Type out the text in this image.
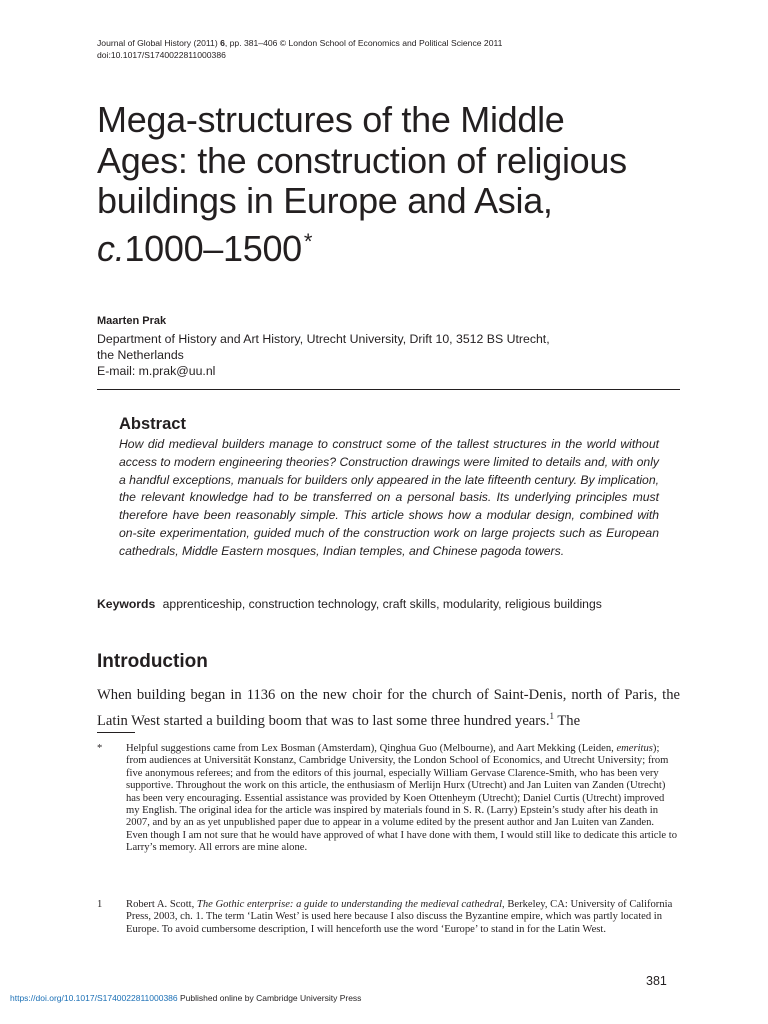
Journal of Global History (2011) 6, pp. 381–406 © London School of Economics and Political Science 2011
doi:10.1017/S1740022811000386
Mega-structures of the Middle
Ages: the construction of religious
buildings in Europe and Asia,
c.1000–1500*
Maarten Prak
Department of History and Art History, Utrecht University, Drift 10, 3512 BS Utrecht,
the Netherlands
E-mail: m.prak@uu.nl
Abstract
How did medieval builders manage to construct some of the tallest structures in the world without access to modern engineering theories? Construction drawings were limited to details and, with only a handful exceptions, manuals for builders only appeared in the late fifteenth century. By implication, the relevant knowledge had to be transferred on a personal basis. Its underlying principles must therefore have been reasonably simple. This article shows how a modular design, combined with on-site experimentation, guided much of the construction work on large projects such as European cathedrals, Middle Eastern mosques, Indian temples, and Chinese pagoda towers.
Keywords apprenticeship, construction technology, craft skills, modularity, religious buildings
Introduction
When building began in 1136 on the new choir for the church of Saint-Denis, north of Paris, the Latin West started a building boom that was to last some three hundred years.$^1$ The
* Helpful suggestions came from Lex Bosman (Amsterdam), Qinghua Guo (Melbourne), and Aart Mekking (Leiden, emeritus); from audiences at Universität Konstanz, Cambridge University, the London School of Economics, and Utrecht University; from five anonymous referees; and from the editors of this journal, especially William Gervase Clarence-Smith, who has been very supportive. Throughout the work on this article, the enthusiasm of Merlijn Hurx (Utrecht) and Jan Luiten van Zanden (Utrecht) has been very encouraging. Essential assistance was provided by Koen Ottenheym (Utrecht); Daniel Curtis (Utrecht) improved my English. The original idea for the article was inspired by materials found in S. R. (Larry) Epstein’s study after his death in 2007, and by an as yet unpublished paper due to appear in a volume edited by the present author and Jan Luiten van Zanden. Even though I am not sure that he would have approved of what I have done with them, I would still like to dedicate this article to Larry’s memory. All errors are mine alone.
1 Robert A. Scott, The Gothic enterprise: a guide to understanding the medieval cathedral, Berkeley, CA: University of California Press, 2003, ch. 1. The term ‘Latin West’ is used here because I also discuss the Byzantine empire, which was partly located in Europe. To avoid cumbersome description, I will henceforth use the word ‘Europe’ to stand in for the Latin West.
381
https://doi.org/10.1017/S1740022811000386 Published online by Cambridge University Press
